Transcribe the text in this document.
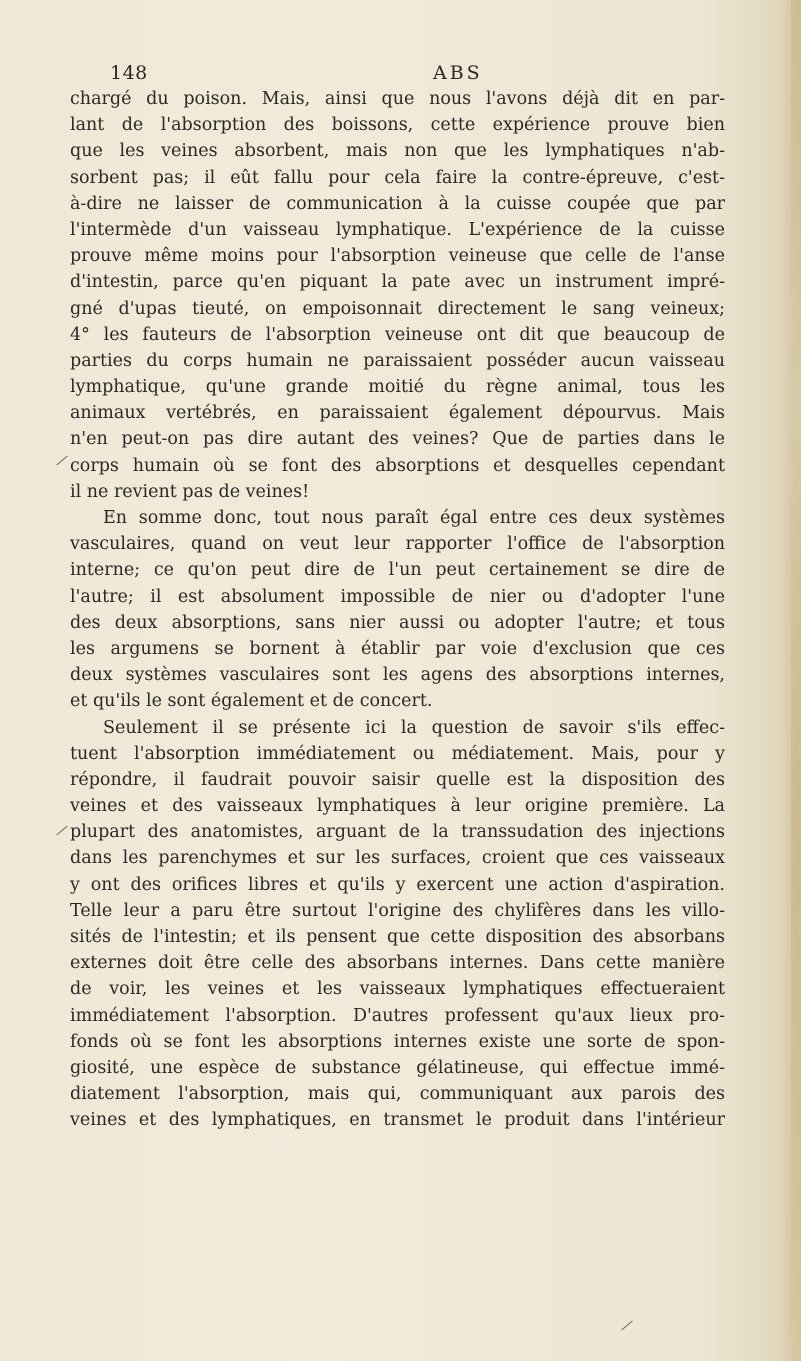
148	ABS
chargé du poison. Mais, ainsi que nous l'avons déjà dit en par-
lant de l'absorption des boissons, cette expérience prouve bien
que les veines absorbent, mais non que les lymphatiques n'ab-
sorbent pas; il eût fallu pour cela faire la contre-épreuve, c'est-
à-dire ne laisser de communication à la cuisse coupée que par
l'intermède d'un vaisseau lymphatique. L'expérience de la cuisse
prouve même moins pour l'absorption veineuse que celle de l'anse
d'intestin, parce qu'en piquant la pate avec un instrument impré-
gné d'upas tieuté, on empoisonnait directement le sang veineux;
4° les fauteurs de l'absorption veineuse ont dit que beaucoup de
parties du corps humain ne paraissaient posséder aucun vaisseau
lymphatique, qu'une grande moitié du règne animal, tous les
animaux vertébrés, en paraissaient également dépourvus. Mais
n'en peut-on pas dire autant des veines? Que de parties dans le
corps humain où se font des absorptions et desquelles cependant
il ne revient pas de veines!
En somme donc, tout nous paraît égal entre ces deux systèmes
vasculaires, quand on veut leur rapporter l'office de l'absorption
interne; ce qu'on peut dire de l'un peut certainement se dire de
l'autre; il est absolument impossible de nier ou d'adopter l'une
des deux absorptions, sans nier aussi ou adopter l'autre; et tous
les argumens se bornent à établir par voie d'exclusion que ces
deux systèmes vasculaires sont les agens des absorptions internes,
et qu'ils le sont également et de concert.
Seulement il se présente ici la question de savoir s'ils effec-
tuent l'absorption immédiatement ou médiatement. Mais, pour y
répondre, il faudrait pouvoir saisir quelle est la disposition des
veines et des vaisseaux lymphatiques à leur origine première. La
plupart des anatomistes, arguant de la transsudation des injections
dans les parenchymes et sur les surfaces, croient que ces vaisseaux
y ont des orifices libres et qu'ils y exercent une action d'aspiration.
Telle leur a paru être surtout l'origine des chylifères dans les villo-
sités de l'intestin; et ils pensent que cette disposition des absorbans
externes doit être celle des absorbans internes. Dans cette manière
de voir, les veines et les vaisseaux lymphatiques effectueraient
immédiatement l'absorption. D'autres professent qu'aux lieux pro-
fonds où se font les absorptions internes existe une sorte de spon-
giosité, une espèce de substance gélatineuse, qui effectue immé-
diatement l'absorption, mais qui, communiquant aux parois des
veines et des lymphatiques, en transmet le produit dans l'intérieur
